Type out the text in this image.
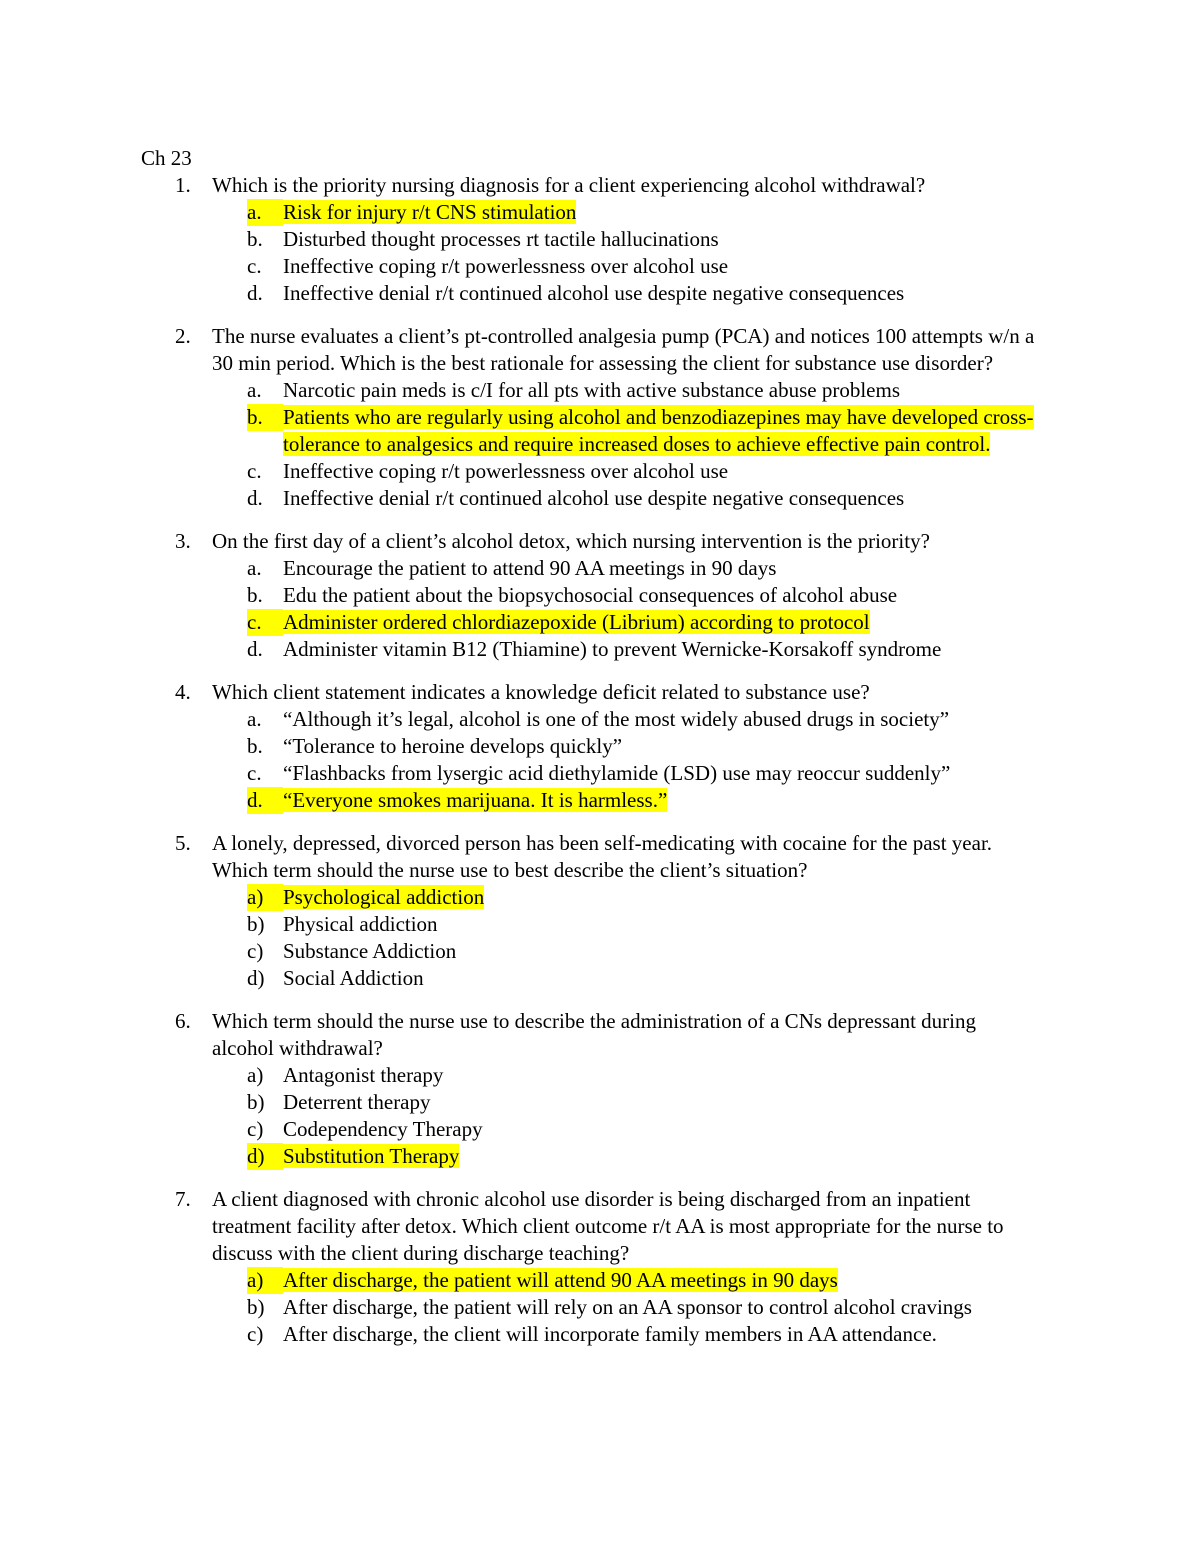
Ch 23
1. Which is the priority nursing diagnosis for a client experiencing alcohol withdrawal?
a. Risk for injury r/t CNS stimulation
b. Disturbed thought processes rt tactile hallucinations
c. Ineffective coping r/t powerlessness over alcohol use
d. Ineffective denial r/t continued alcohol use despite negative consequences
2. The nurse evaluates a client’s pt-controlled analgesia pump (PCA) and notices 100 attempts w/n a 30 min period. Which is the best rationale for assessing the client for substance use disorder?
a. Narcotic pain meds is c/I for all pts with active substance abuse problems
b. Patients who are regularly using alcohol and benzodiazepines may have developed cross-tolerance to analgesics and require increased doses to achieve effective pain control.
c. Ineffective coping r/t powerlessness over alcohol use
d. Ineffective denial r/t continued alcohol use despite negative consequences
3. On the first day of a client’s alcohol detox, which nursing intervention is the priority?
a. Encourage the patient to attend 90 AA meetings in 90 days
b. Edu the patient about the biopsychosocial consequences of alcohol abuse
c. Administer ordered chlordiazepoxide (Librium) according to protocol
d. Administer vitamin B12 (Thiamine) to prevent Wernicke-Korsakoff syndrome
4. Which client statement indicates a knowledge deficit related to substance use?
a. “Although it’s legal, alcohol is one of the most widely abused drugs in society”
b. “Tolerance to heroine develops quickly”
c. “Flashbacks from lysergic acid diethylamide (LSD) use may reoccur suddenly”
d. “Everyone smokes marijuana. It is harmless.”
5. A lonely, depressed, divorced person has been self-medicating with cocaine for the past year. Which term should the nurse use to best describe the client’s situation?
a) Psychological addiction
b) Physical addiction
c) Substance Addiction
d) Social Addiction
6. Which term should the nurse use to describe the administration of a CNs depressant during alcohol withdrawal?
a) Antagonist therapy
b) Deterrent therapy
c) Codependency Therapy
d) Substitution Therapy
7. A client diagnosed with chronic alcohol use disorder is being discharged from an inpatient treatment facility after detox. Which client outcome r/t AA is most appropriate for the nurse to discuss with the client during discharge teaching?
a) After discharge, the patient will attend 90 AA meetings in 90 days
b) After discharge, the patient will rely on an AA sponsor to control alcohol cravings
c) After discharge, the client will incorporate family members in AA attendance.
